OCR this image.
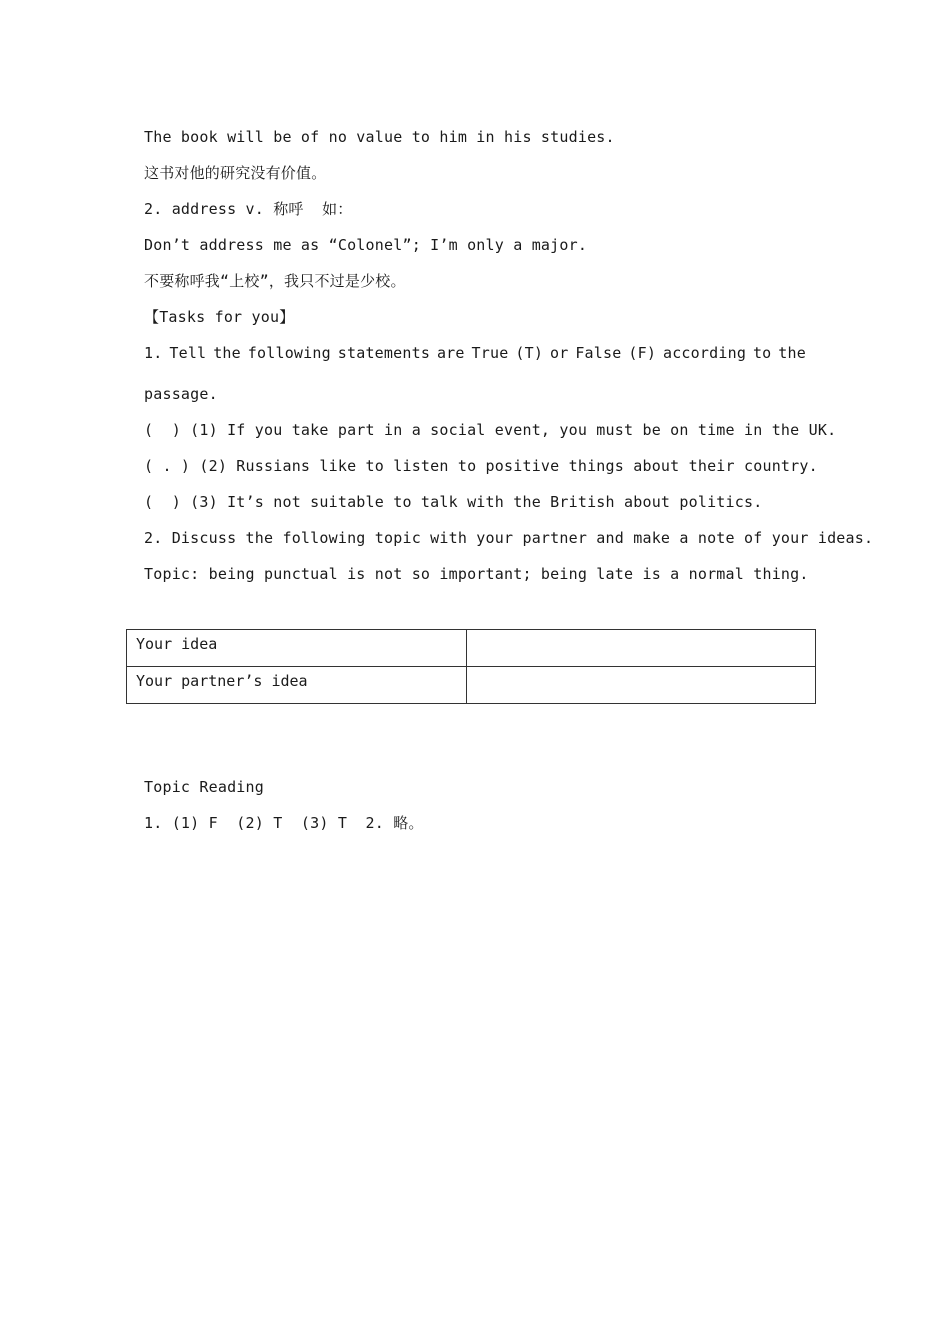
The book will be of no value to him in his studies.
这书对他的研究没有价值。
2. address v. 称呼  如：
Don’t address me as “Colonel”; I’m only a major.
不要称呼我“上校”，我只不过是少校。
【Tasks for you】
1. Tell the following statements are True (T) or False (F) according to the
passage.
(  ) (1) If you take part in a social event, you must be on time in the UK.
( . ) (2) Russians like to listen to positive things about their country.
(  ) (3) It’s not suitable to talk with the British about politics.
2. Discuss the following topic with your partner and make a note of your ideas.
Topic: being punctual is not so important; being late is a normal thing.
Your idea	
Your partner’s idea	
Topic Reading
1. (1) F  (2) T  (3) T  2. 略。
